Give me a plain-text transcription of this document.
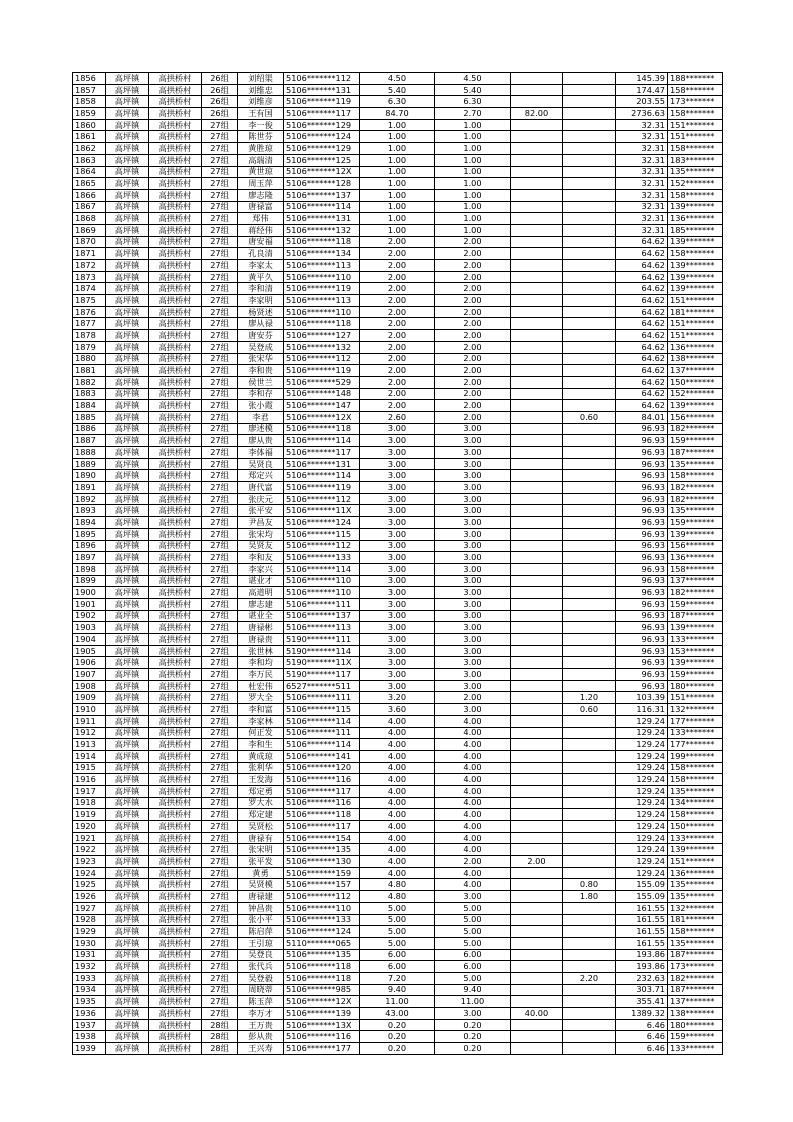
1856	高坪镇	高拱桥村	26组	刘绍渠	5106*******112	4.50	4.50			145.39	188*******
1857	高坪镇	高拱桥村	26组	刘维忠	5106*******131	5.40	5.40			174.47	158*******
1858	高坪镇	高拱桥村	26组	刘维彦	5106*******119	6.30	6.30			203.55	173*******
1859	高坪镇	高拱桥村	26组	王有国	5106*******117	84.70	2.70	82.00		2736.63	158*******
1860	高坪镇	高拱桥村	27组	李一俊	5106*******129	1.00	1.00			32.31	151*******
1861	高坪镇	高拱桥村	27组	陈世芬	5106*******124	1.00	1.00			32.31	151*******
1862	高坪镇	高拱桥村	27组	黄胜琼	5106*******129	1.00	1.00			32.31	158*******
1863	高坪镇	高拱桥村	27组	高瑞清	5106*******125	1.00	1.00			32.31	183*******
1864	高坪镇	高拱桥村	27组	黄世琼	5106*******12X	1.00	1.00			32.31	135*******
1865	高坪镇	高拱桥村	27组	周玉萍	5106*******128	1.00	1.00			32.31	152*******
1866	高坪镇	高拱桥村	27组	廖志隆	5106*******137	1.00	1.00			32.31	158*******
1867	高坪镇	高拱桥村	27组	唐禄富	5106*******114	1.00	1.00			32.31	139*******
1868	高坪镇	高拱桥村	27组	郑伟	5106*******131	1.00	1.00			32.31	136*******
1869	高坪镇	高拱桥村	27组	蒋经伟	5106*******132	1.00	1.00			32.31	185*******
1870	高坪镇	高拱桥村	27组	唐安福	5106*******118	2.00	2.00			64.62	139*******
1871	高坪镇	高拱桥村	27组	孔良清	5106*******134	2.00	2.00			64.62	158*******
1872	高坪镇	高拱桥村	27组	李家太	5106*******113	2.00	2.00			64.62	139*******
1873	高坪镇	高拱桥村	27组	黄平久	5106*******110	2.00	2.00			64.62	139*******
1874	高坪镇	高拱桥村	27组	李和清	5106*******119	2.00	2.00			64.62	139*******
1875	高坪镇	高拱桥村	27组	李家明	5106*******113	2.00	2.00			64.62	151*******
1876	高坪镇	高拱桥村	27组	杨贤述	5106*******110	2.00	2.00			64.62	181*******
1877	高坪镇	高拱桥村	27组	廖从禄	5106*******118	2.00	2.00			64.62	151*******
1878	高坪镇	高拱桥村	27组	唐安芬	5106*******127	2.00	2.00			64.62	151*******
1879	高坪镇	高拱桥村	27组	吴登成	5106*******132	2.00	2.00			64.62	136*******
1880	高坪镇	高拱桥村	27组	张宋华	5106*******112	2.00	2.00			64.62	138*******
1881	高坪镇	高拱桥村	27组	李和贵	5106*******119	2.00	2.00			64.62	137*******
1882	高坪镇	高拱桥村	27组	侯世兰	5106*******529	2.00	2.00			64.62	150*******
1883	高坪镇	高拱桥村	27组	李和存	5106*******148	2.00	2.00			64.62	152*******
1884	高坪镇	高拱桥村	27组	张小霞	5106*******147	2.00	2.00			64.62	139*******
1885	高坪镇	高拱桥村	27组	李君	5106*******12X	2.60	2.00		0.60	84.01	156*******
1886	高坪镇	高拱桥村	27组	廖述模	5106*******118	3.00	3.00			96.93	182*******
1887	高坪镇	高拱桥村	27组	廖从贵	5106*******114	3.00	3.00			96.93	159*******
1888	高坪镇	高拱桥村	27组	李体福	5106*******117	3.00	3.00			96.93	187*******
1889	高坪镇	高拱桥村	27组	吴贤良	5106*******131	3.00	3.00			96.93	135*******
1890	高坪镇	高拱桥村	27组	郑定兴	5106*******114	3.00	3.00			96.93	158*******
1891	高坪镇	高拱桥村	27组	唐代富	5106*******119	3.00	3.00			96.93	182*******
1892	高坪镇	高拱桥村	27组	张庆元	5106*******112	3.00	3.00			96.93	182*******
1893	高坪镇	高拱桥村	27组	张平安	5106*******11X	3.00	3.00			96.93	135*******
1894	高坪镇	高拱桥村	27组	尹昌友	5106*******124	3.00	3.00			96.93	159*******
1895	高坪镇	高拱桥村	27组	张宋均	5106*******115	3.00	3.00			96.93	139*******
1896	高坪镇	高拱桥村	27组	吴贤友	5106*******112	3.00	3.00			96.93	156*******
1897	高坪镇	高拱桥村	27组	李和友	5106*******133	3.00	3.00			96.93	136*******
1898	高坪镇	高拱桥村	27组	李家兴	5106*******114	3.00	3.00			96.93	158*******
1899	高坪镇	高拱桥村	27组	谌业才	5106*******110	3.00	3.00			96.93	137*******
1900	高坪镇	高拱桥村	27组	高道明	5106*******110	3.00	3.00			96.93	182*******
1901	高坪镇	高拱桥村	27组	廖志建	5106*******111	3.00	3.00			96.93	159*******
1902	高坪镇	高拱桥村	27组	谌业全	5106*******137	3.00	3.00			96.93	187*******
1903	高坪镇	高拱桥村	27组	唐禄彬	5106*******113	3.00	3.00			96.93	139*******
1904	高坪镇	高拱桥村	27组	唐禄贵	5190*******111	3.00	3.00			96.93	133*******
1905	高坪镇	高拱桥村	27组	张世林	5190*******114	3.00	3.00			96.93	153*******
1906	高坪镇	高拱桥村	27组	李和均	5190*******11X	3.00	3.00			96.93	139*******
1907	高坪镇	高拱桥村	27组	李万民	5190*******117	3.00	3.00			96.93	159*******
1908	高坪镇	高拱桥村	27组	杜宏伟	6527*******511	3.00	3.00			96.93	180*******
1909	高坪镇	高拱桥村	27组	罗大全	5106*******111	3.20	2.00		1.20	103.39	151*******
1910	高坪镇	高拱桥村	27组	李和富	5106*******115	3.60	3.00		0.60	116.31	132*******
1911	高坪镇	高拱桥村	27组	李家林	5106*******114	4.00	4.00			129.24	177*******
1912	高坪镇	高拱桥村	27组	何正发	5106*******111	4.00	4.00			129.24	133*******
1913	高坪镇	高拱桥村	27组	李和生	5106*******114	4.00	4.00			129.24	177*******
1914	高坪镇	高拱桥村	27组	黄成琼	5106*******141	4.00	4.00			129.24	199*******
1915	高坪镇	高拱桥村	27组	张利华	5106*******120	4.00	4.00			129.24	158*******
1916	高坪镇	高拱桥村	27组	王发海	5106*******116	4.00	4.00			129.24	158*******
1917	高坪镇	高拱桥村	27组	郑定勇	5106*******117	4.00	4.00			129.24	135*******
1918	高坪镇	高拱桥村	27组	罗大水	5106*******116	4.00	4.00			129.24	134*******
1919	高坪镇	高拱桥村	27组	郑定建	5106*******118	4.00	4.00			129.24	158*******
1920	高坪镇	高拱桥村	27组	吴贤松	5106*******117	4.00	4.00			129.24	150*******
1921	高坪镇	高拱桥村	27组	唐禄有	5106*******154	4.00	4.00			129.24	133*******
1922	高坪镇	高拱桥村	27组	张宋明	5106*******135	4.00	4.00			129.24	139*******
1923	高坪镇	高拱桥村	27组	张平发	5106*******130	4.00	2.00	2.00		129.24	151*******
1924	高坪镇	高拱桥村	27组	黄勇	5106*******159	4.00	4.00			129.24	136*******
1925	高坪镇	高拱桥村	27组	吴贤模	5106*******157	4.80	4.00		0.80	155.09	135*******
1926	高坪镇	高拱桥村	27组	唐禄建	5106*******112	4.80	3.00		1.80	155.09	135*******
1927	高坪镇	高拱桥村	27组	钟昌贵	5106*******110	5.00	5.00			161.55	132*******
1928	高坪镇	高拱桥村	27组	张小平	5106*******133	5.00	5.00			161.55	181*******
1929	高坪镇	高拱桥村	27组	陈启萍	5106*******124	5.00	5.00			161.55	158*******
1930	高坪镇	高拱桥村	27组	王引琼	5110*******065	5.00	5.00			161.55	135*******
1931	高坪镇	高拱桥村	27组	吴登良	5106*******135	6.00	6.00			193.86	187*******
1932	高坪镇	高拱桥村	27组	张代兵	5106*******118	6.00	6.00			193.86	173*******
1933	高坪镇	高拱桥村	27组	吴登毅	5106*******118	7.20	5.00		2.20	232.63	182*******
1934	高坪镇	高拱桥村	27组	周晓蒂	5106*******985	9.40	9.40			303.71	187*******
1935	高坪镇	高拱桥村	27组	陈玉萍	5106*******12X	11.00	11.00			355.41	137*******
1936	高坪镇	高拱桥村	27组	李万才	5106*******139	43.00	3.00	40.00		1389.32	138*******
1937	高坪镇	高拱桥村	28组	王万贵	5106*******13X	0.20	0.20			6.46	180*******
1938	高坪镇	高拱桥村	28组	彭从贵	5106*******116	0.20	0.20			6.46	159*******
1939	高坪镇	高拱桥村	28组	王兴寿	5106*******177	0.20	0.20			6.46	133*******
